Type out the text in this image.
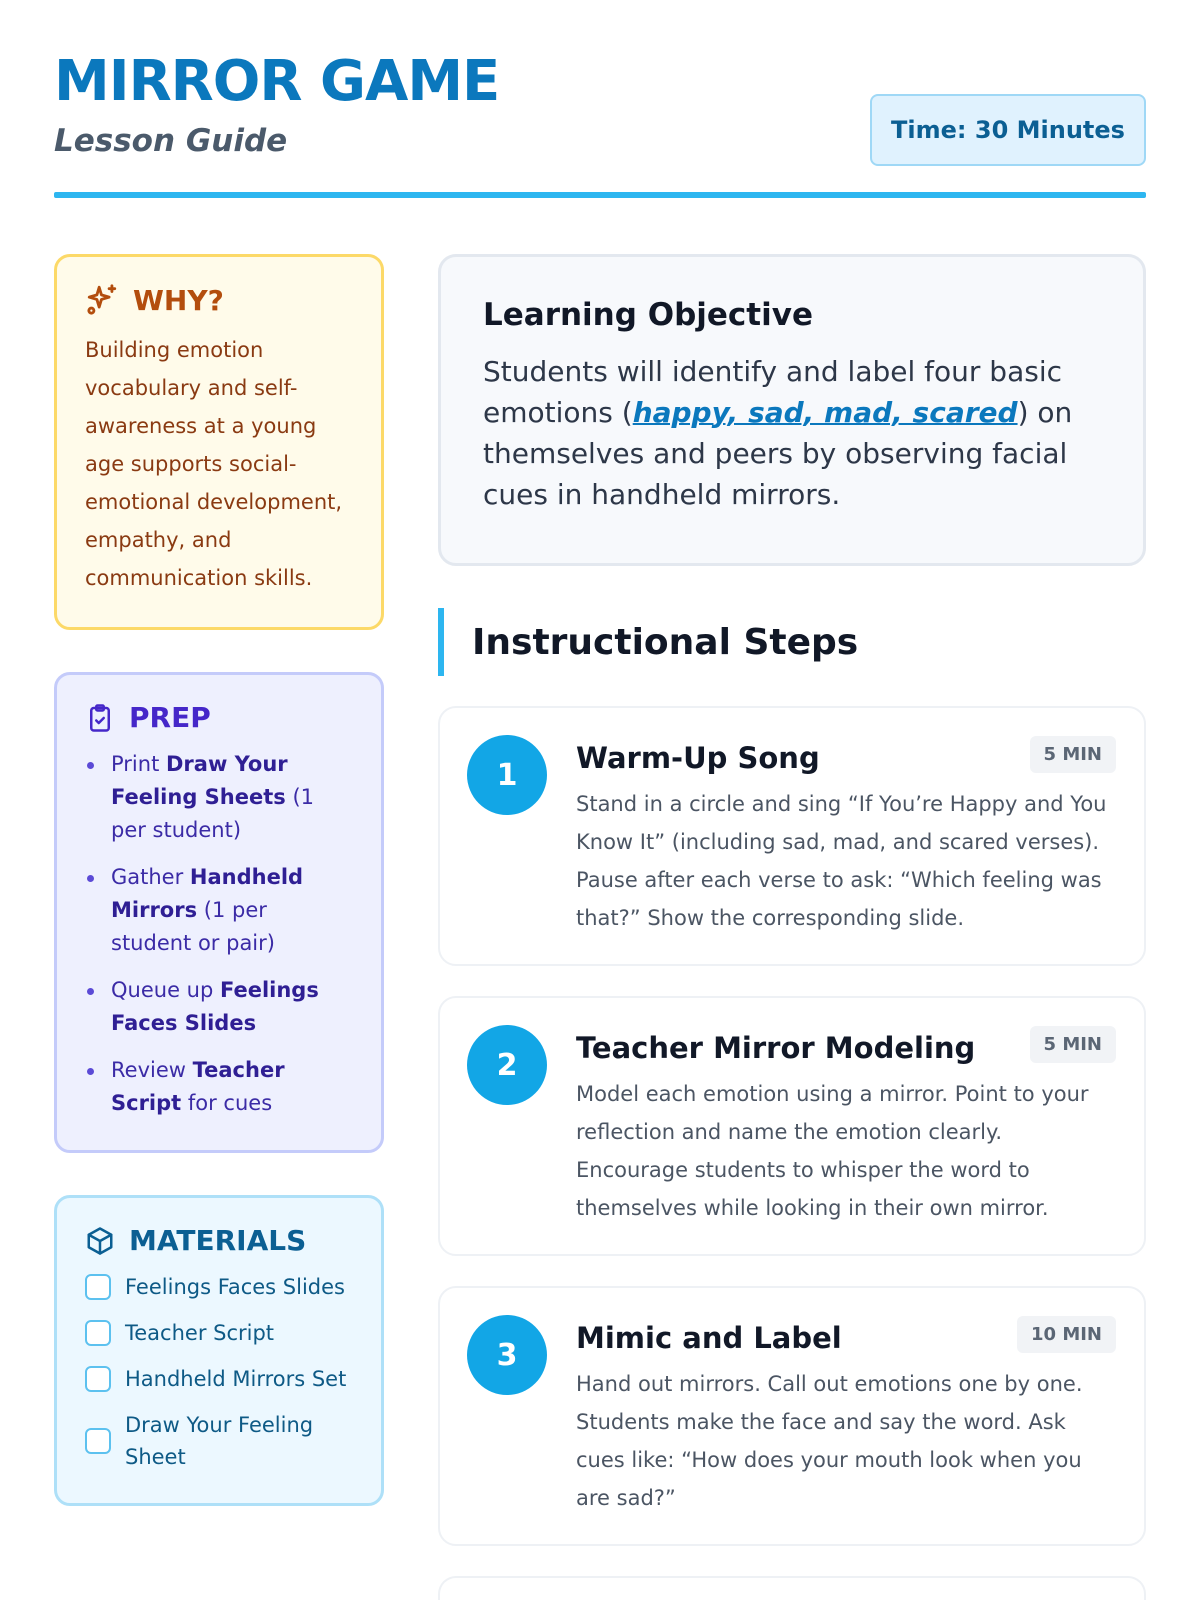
MIRROR GAME
Lesson Guide	Time: 30 Minutes
WHY?

Building emotion vocabulary and self-awareness at a young age supports social-emotional development, empathy, and communication skills.

PREP
Print Draw Your Feeling Sheets (1 per student)
Gather Handheld Mirrors (1 per student or pair)
Queue up Feelings Faces Slides
Review Teacher Script for cues
MATERIALS
Feelings Faces Slides
Teacher Script
Handheld Mirrors Set
Draw Your Feeling Sheet
Learning Objective

Students will identify and label four basic emotions (happy, sad, mad, scared) on themselves and peers by observing facial cues in handheld mirrors.

Instructional Steps
1
5 MIN
Warm-Up Song
Stand in a circle and sing “If You’re Happy and You Know It” (including sad, mad, and scared verses). Pause after each verse to ask: “Which feeling was that?” Show the corresponding slide.
2
5 MIN
Teacher Mirror Modeling
Model each emotion using a mirror. Point to your reflection and name the emotion clearly. Encourage students to whisper the word to themselves while looking in their own mirror.
3
10 MIN
Mimic and Label
Hand out mirrors. Call out emotions one by one. Students make the face and say the word. Ask cues like: “How does your mouth look when you are sad?”
